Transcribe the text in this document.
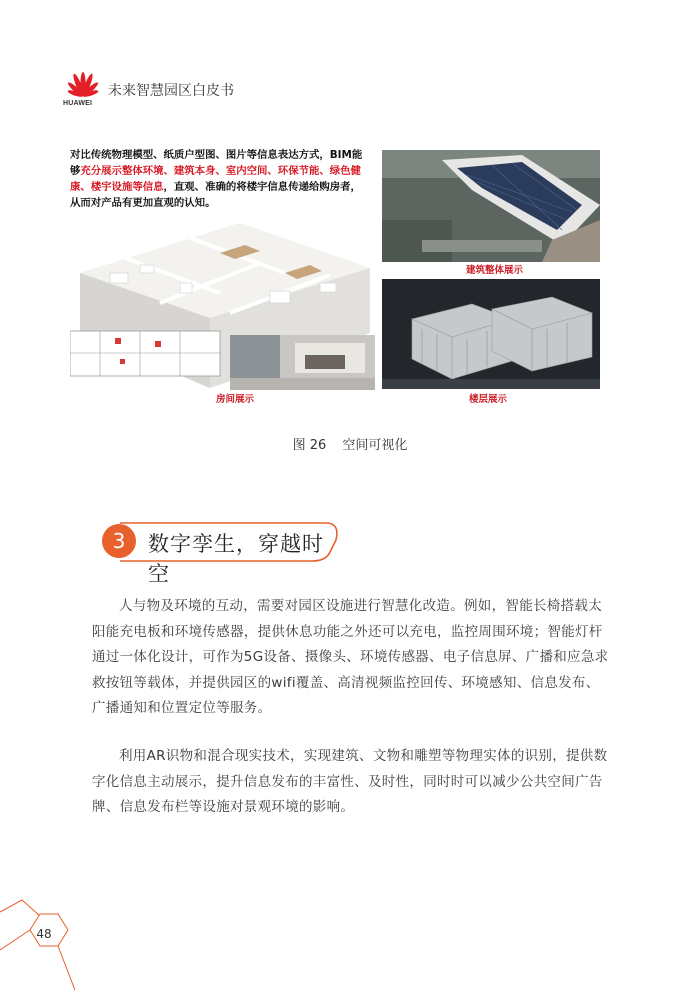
HUAWEI
未来智慧园区白皮书
对比传统物理模型、纸质户型图、图片等信息表达方式，BIM能
够充分展示整体环境、建筑本身、室内空间、环保节能、绿色健
康、楼宇设施等信息，直观、准确的将楼宇信息传递给购房者，
从而对产品有更加直观的认知。
建筑整体展示
楼层展示
房间展示
图 26 空间可视化
3	数字孪生，穿越时空
人与物及环境的互动，需要对园区设施进行智慧化改造。例如，智能长椅搭载太阳能充电板和环境传感器，提供休息功能之外还可以充电，监控周围环境；智能灯杆通过一体化设计，可作为5G设备、摄像头、环境传感器、电子信息屏、广播和应急求救按钮等载体，并提供园区的wifi覆盖、高清视频监控回传、环境感知、信息发布、广播通知和位置定位等服务。
利用AR识物和混合现实技术，实现建筑、文物和雕塑等物理实体的识别，提供数字化信息主动展示，提升信息发布的丰富性、及时性，同时时可以减少公共空间广告牌、信息发布栏等设施对景观环境的影响。
48
